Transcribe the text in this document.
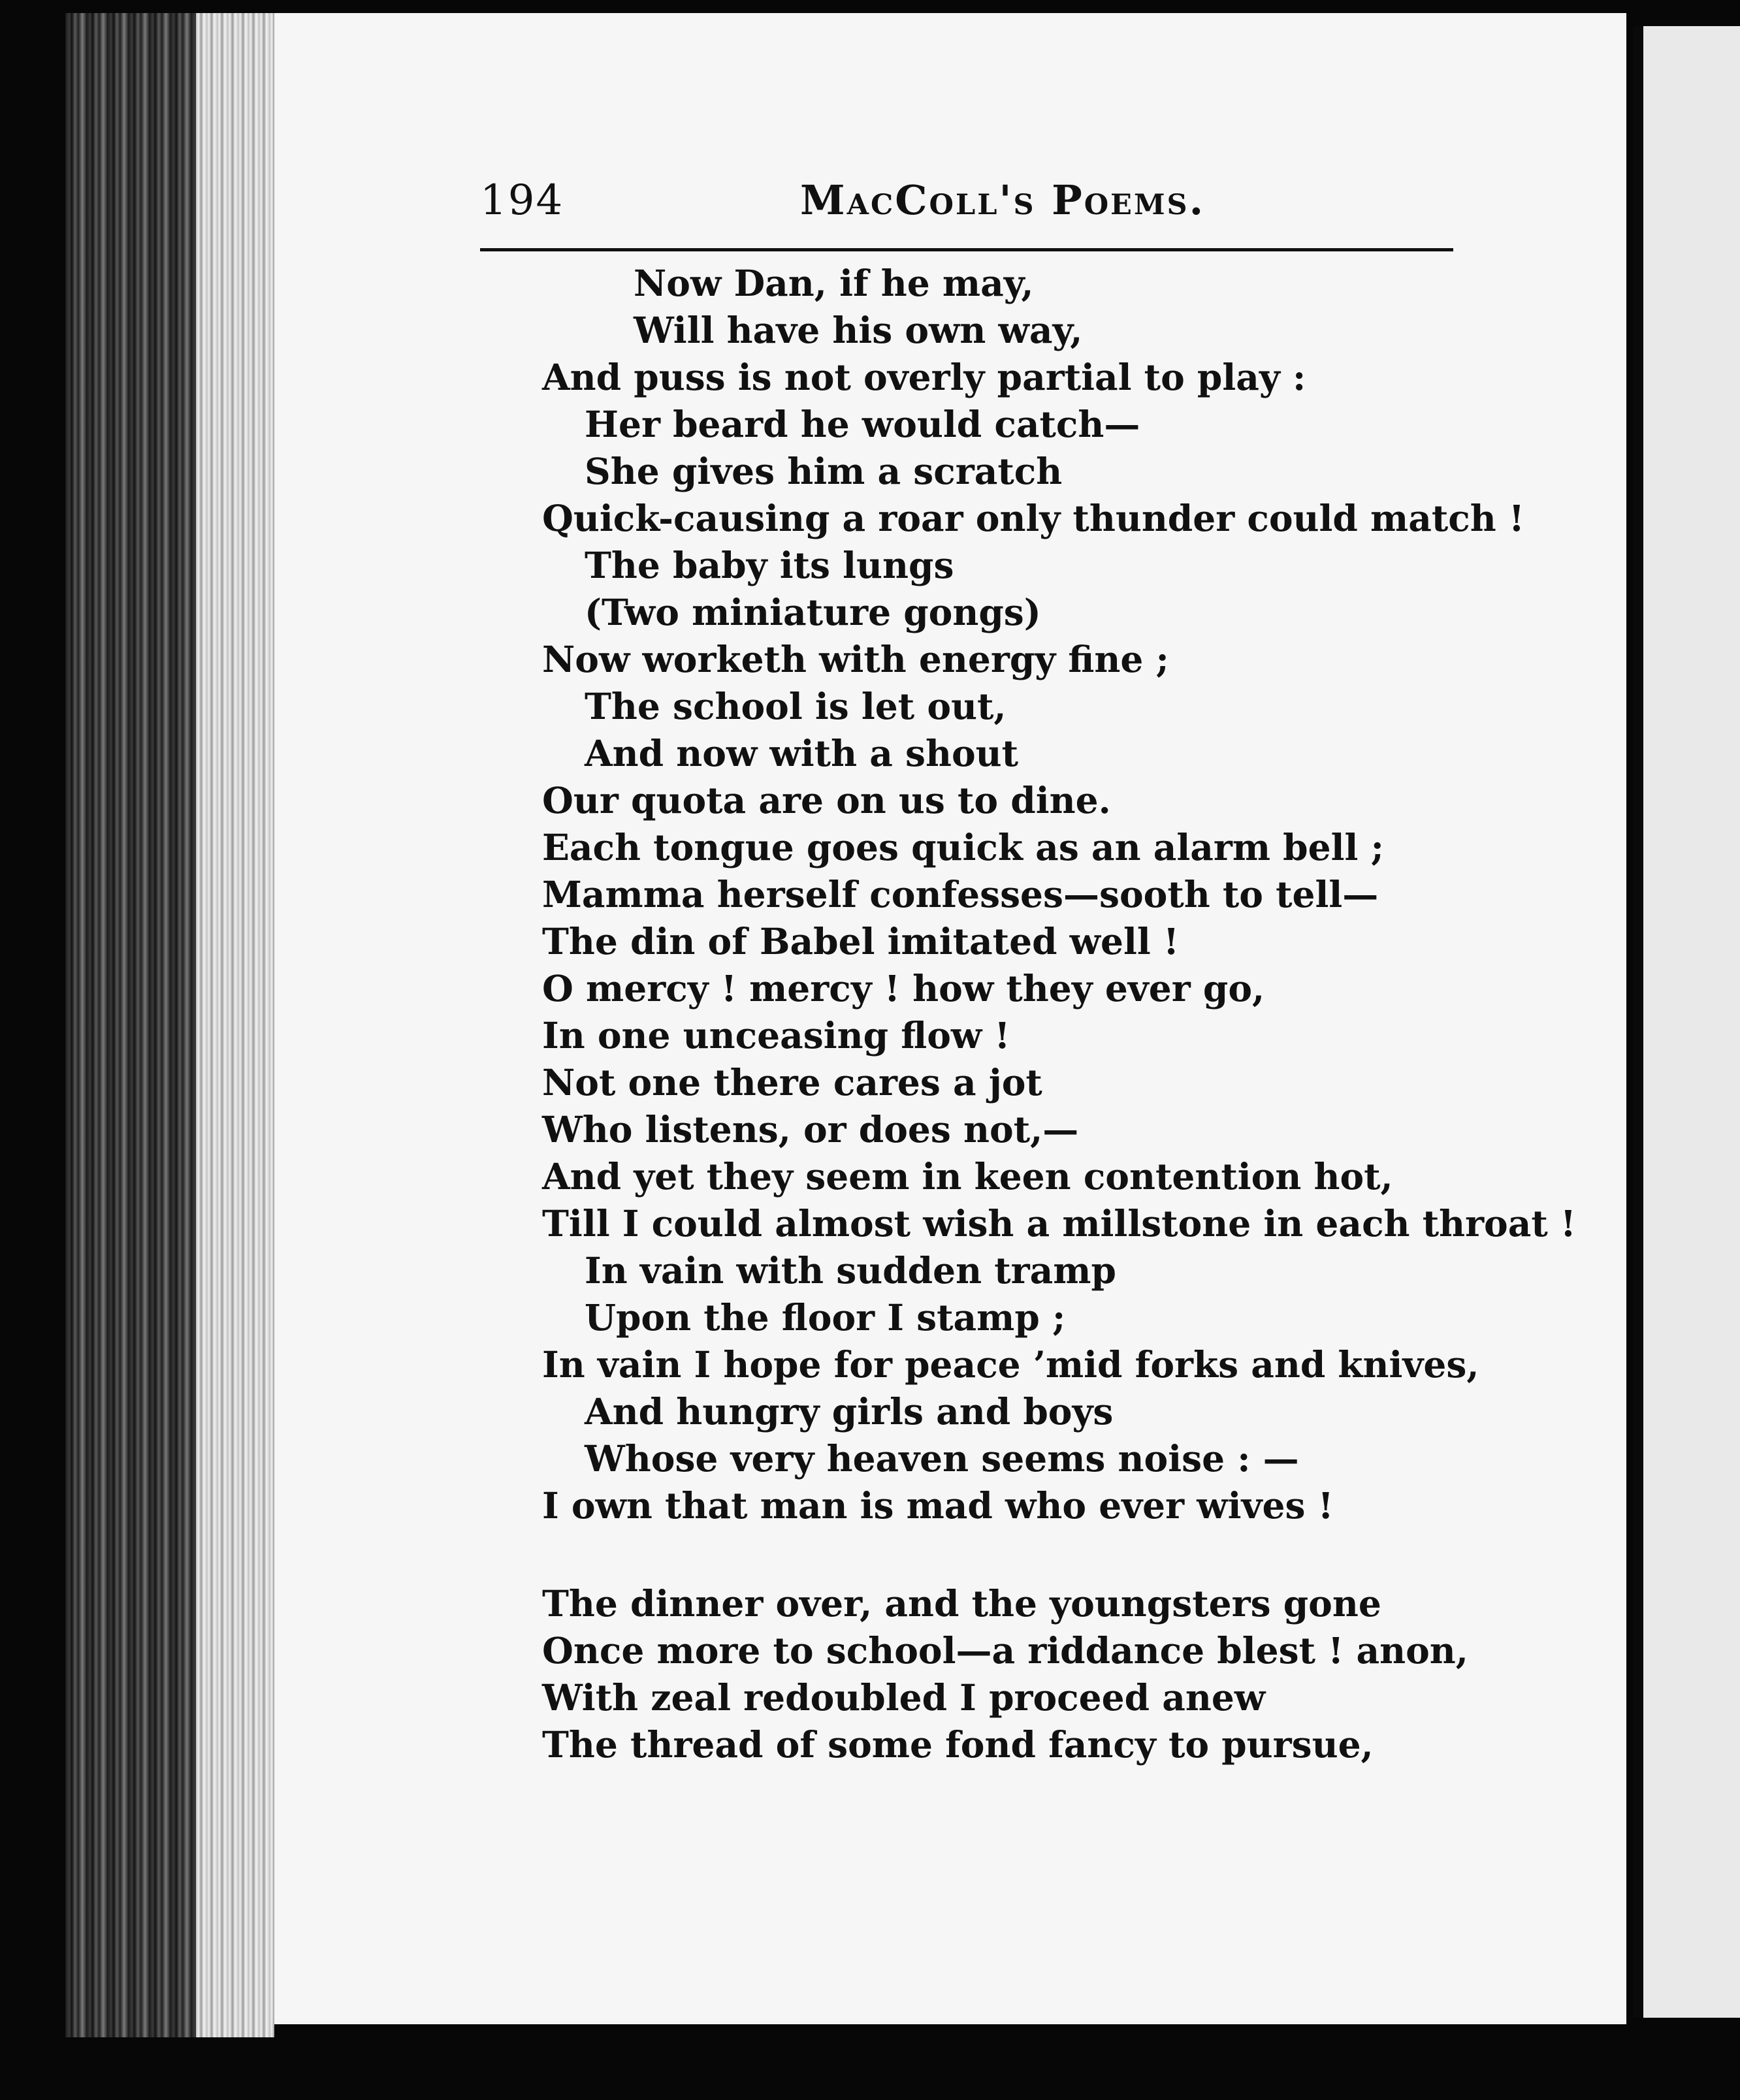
194	MacColl's Poems.
Now Dan, if he may,
Will have his own way,
And puss is not overly partial to play :
Her beard he would catch—
She gives him a scratch
Quick-causing a roar only thunder could match !
The baby its lungs
(Two miniature gongs)
Now worketh with energy fine ;
The school is let out,
And now with a shout
Our quota are on us to dine.
Each tongue goes quick as an alarm bell ;
Mamma herself confesses—sooth to tell—
The din of Babel imitated well !
O mercy ! mercy ! how they ever go,
In one unceasing flow !
Not one there cares a jot
Who listens, or does not,—
And yet they seem in keen contention hot,
Till I could almost wish a millstone in each throat !
In vain with sudden tramp
Upon the floor I stamp ;
In vain I hope for peace ’mid forks and knives,
And hungry girls and boys
Whose very heaven seems noise : —
I own that man is mad who ever wives !
The dinner over, and the youngsters gone
Once more to school—a riddance blest ! anon,
With zeal redoubled I proceed anew
The thread of some fond fancy to pursue,
